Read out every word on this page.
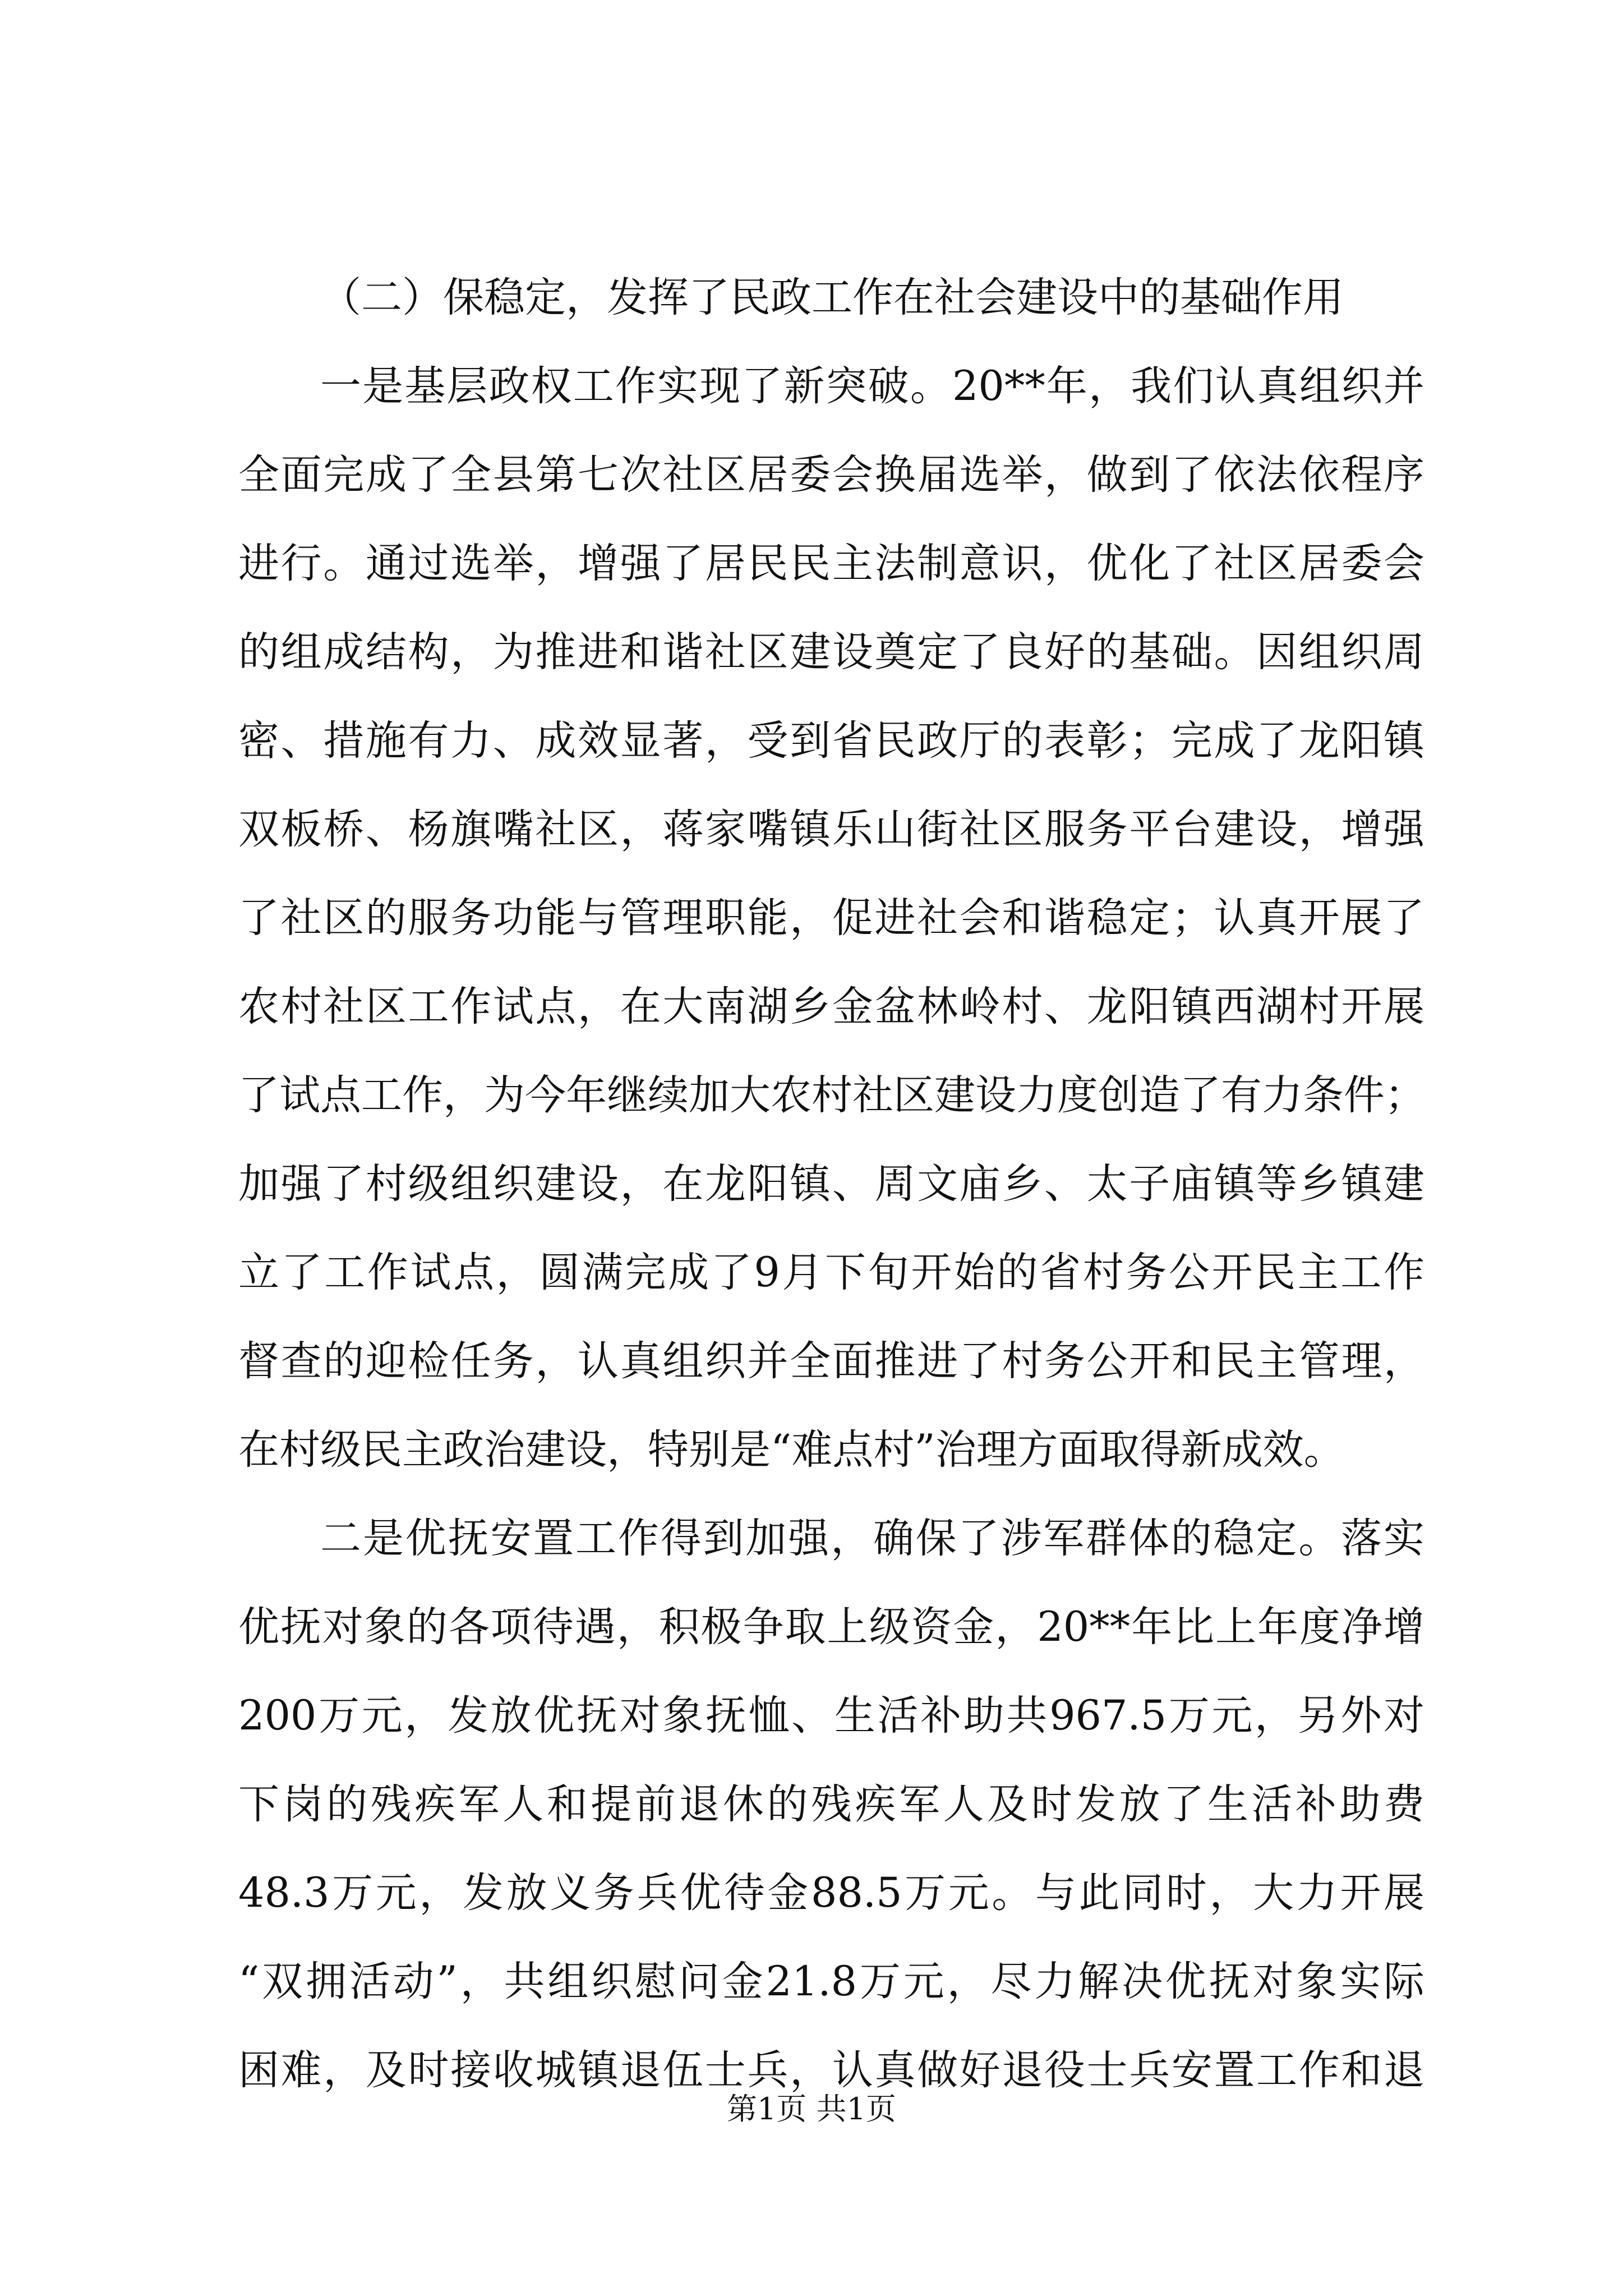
（二）保稳定，发挥了民政工作在社会建设中的基础作用
一是基层政权工作实现了新突破。20**年，我们认真组织并
全面完成了全县第七次社区居委会换届选举，做到了依法依程序
进行。通过选举，增强了居民民主法制意识，优化了社区居委会
的组成结构，为推进和谐社区建设奠定了良好的基础。因组织周
密、措施有力、成效显著，受到省民政厅的表彰；完成了龙阳镇
双板桥、杨旗嘴社区，蒋家嘴镇乐山街社区服务平台建设，增强
了社区的服务功能与管理职能，促进社会和谐稳定；认真开展了
农村社区工作试点，在大南湖乡金盆林岭村、龙阳镇西湖村开展
了试点工作，为今年继续加大农村社区建设力度创造了有力条件；
加强了村级组织建设，在龙阳镇、周文庙乡、太子庙镇等乡镇建
立了工作试点，圆满完成了9月下旬开始的省村务公开民主工作
督查的迎检任务，认真组织并全面推进了村务公开和民主管理，
在村级民主政治建设，特别是“难点村”治理方面取得新成效。
二是优抚安置工作得到加强，确保了涉军群体的稳定。落实
优抚对象的各项待遇，积极争取上级资金，20**年比上年度净增
200万元，发放优抚对象抚恤、生活补助共967.5万元，另外对
下岗的残疾军人和提前退休的残疾军人及时发放了生活补助费
48.3万元，发放义务兵优待金88.5万元。与此同时，大力开展
“双拥活动”，共组织慰问金21.8万元，尽力解决优抚对象实际
困难，及时接收城镇退伍士兵，认真做好退役士兵安置工作和退
第1页 共1页
